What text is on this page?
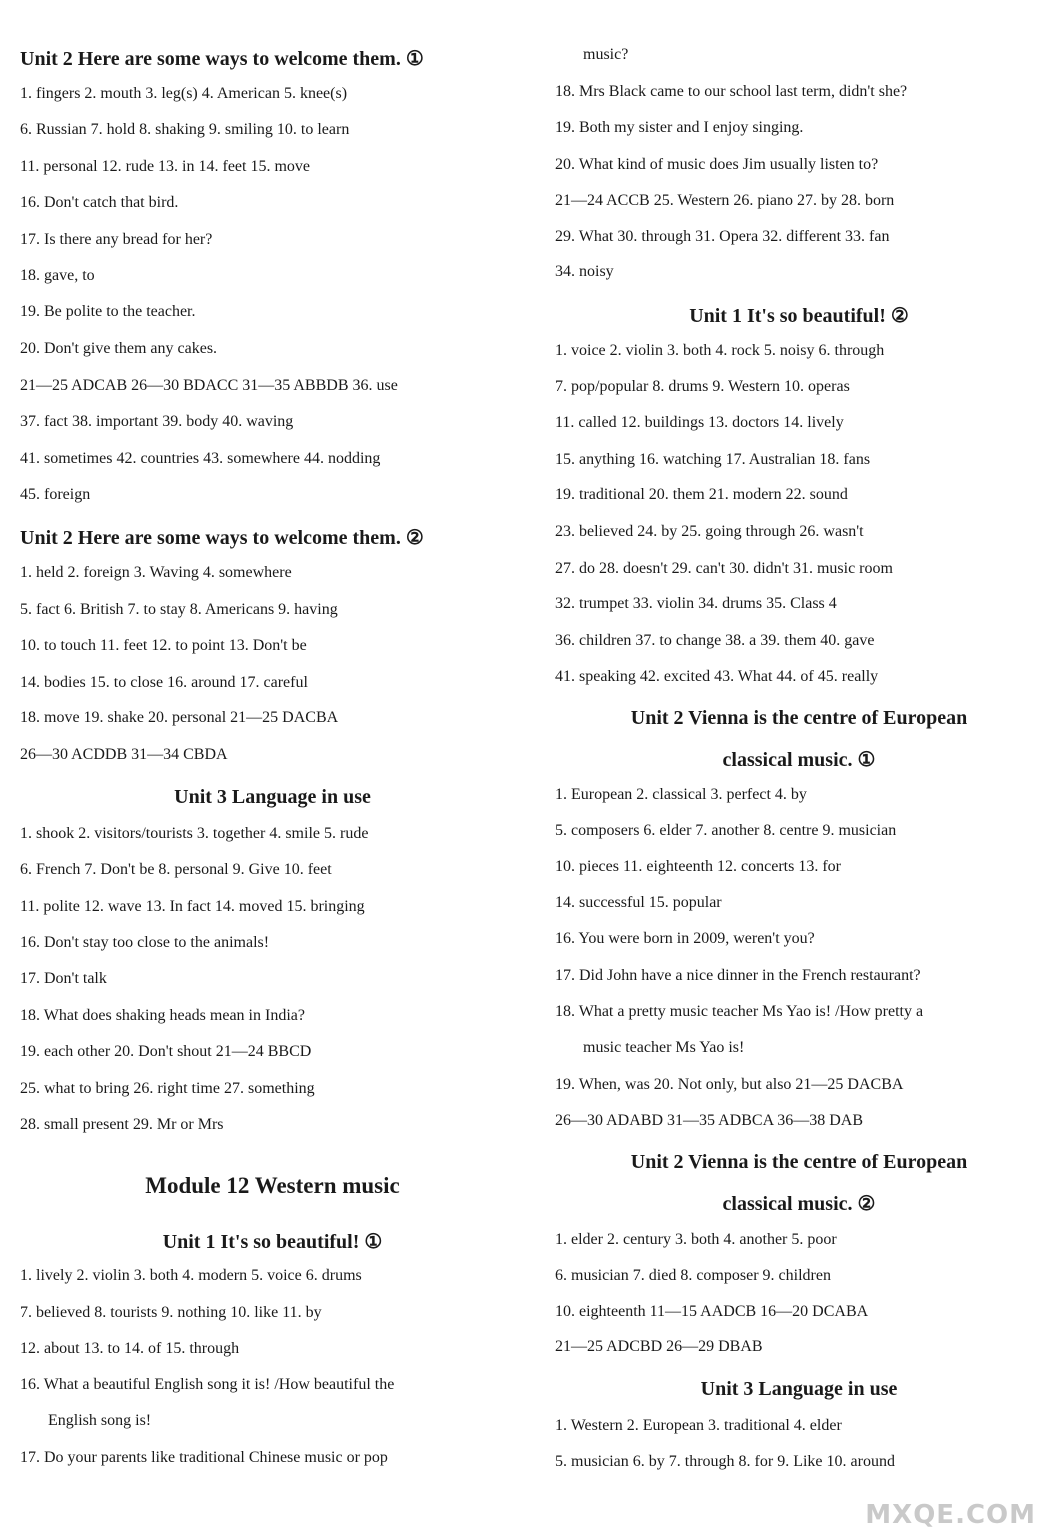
Unit 2 Here are some ways to welcome them. ①
1. fingers 2. mouth 3. leg(s) 4. American 5. knee(s)
6. Russian 7. hold 8. shaking 9. smiling 10. to learn
11. personal 12. rude 13. in 14. feet 15. move
16. Don't catch that bird.
17. Is there any bread for her?
18. gave, to
19. Be polite to the teacher.
20. Don't give them any cakes.
21—25 ADCAB 26—30 BDACC 31—35 ABBDB 36. use
37. fact 38. important 39. body 40. waving
41. sometimes 42. countries 43. somewhere 44. nodding
45. foreign
Unit 2 Here are some ways to welcome them. ②
1. held 2. foreign 3. Waving 4. somewhere
5. fact 6. British 7. to stay 8. Americans 9. having
10. to touch 11. feet 12. to point 13. Don't be
14. bodies 15. to close 16. around 17. careful
18. move 19. shake 20. personal 21—25 DACBA
26—30 ACDDB 31—34 CBDA
Unit 3 Language in use
1. shook 2. visitors/tourists 3. together 4. smile 5. rude
6. French 7. Don't be 8. personal 9. Give 10. feet
11. polite 12. wave 13. In fact 14. moved 15. bringing
16. Don't stay too close to the animals!
17. Don't talk
18. What does shaking heads mean in India?
19. each other 20. Don't shout 21—24 BBCD
25. what to bring 26. right time 27. something
28. small present 29. Mr or Mrs
Module 12 Western music
Unit 1 It's so beautiful! ①
1. lively 2. violin 3. both 4. modern 5. voice 6. drums
7. believed 8. tourists 9. nothing 10. like 11. by
12. about 13. to 14. of 15. through
16. What a beautiful English song it is! /How beautiful the
English song is!
17. Do your parents like traditional Chinese music or pop
music?
18. Mrs Black came to our school last term, didn't she?
19. Both my sister and I enjoy singing.
20. What kind of music does Jim usually listen to?
21—24 ACCB 25. Western 26. piano 27. by 28. born
29. What 30. through 31. Opera 32. different 33. fan
34. noisy
Unit 1 It's so beautiful! ②
1. voice 2. violin 3. both 4. rock 5. noisy 6. through
7. pop/popular 8. drums 9. Western 10. operas
11. called 12. buildings 13. doctors 14. lively
15. anything 16. watching 17. Australian 18. fans
19. traditional 20. them 21. modern 22. sound
23. believed 24. by 25. going through 26. wasn't
27. do 28. doesn't 29. can't 30. didn't 31. music room
32. trumpet 33. violin 34. drums 35. Class 4
36. children 37. to change 38. a 39. them 40. gave
41. speaking 42. excited 43. What 44. of 45. really
Unit 2 Vienna is the centre of European
classical music. ①
1. European 2. classical 3. perfect 4. by
5. composers 6. elder 7. another 8. centre 9. musician
10. pieces 11. eighteenth 12. concerts 13. for
14. successful 15. popular
16. You were born in 2009, weren't you?
17. Did John have a nice dinner in the French restaurant?
18. What a pretty music teacher Ms Yao is! /How pretty a
music teacher Ms Yao is!
19. When, was 20. Not only, but also 21—25 DACBA
26—30 ADABD 31—35 ADBCA 36—38 DAB
Unit 2 Vienna is the centre of European
classical music. ②
1. elder 2. century 3. both 4. another 5. poor
6. musician 7. died 8. composer 9. children
10. eighteenth 11—15 AADCB 16—20 DCABA
21—25 ADCBD 26—29 DBAB
Unit 3 Language in use
1. Western 2. European 3. traditional 4. elder
5. musician 6. by 7. through 8. for 9. Like 10. around
MXQE.COM
